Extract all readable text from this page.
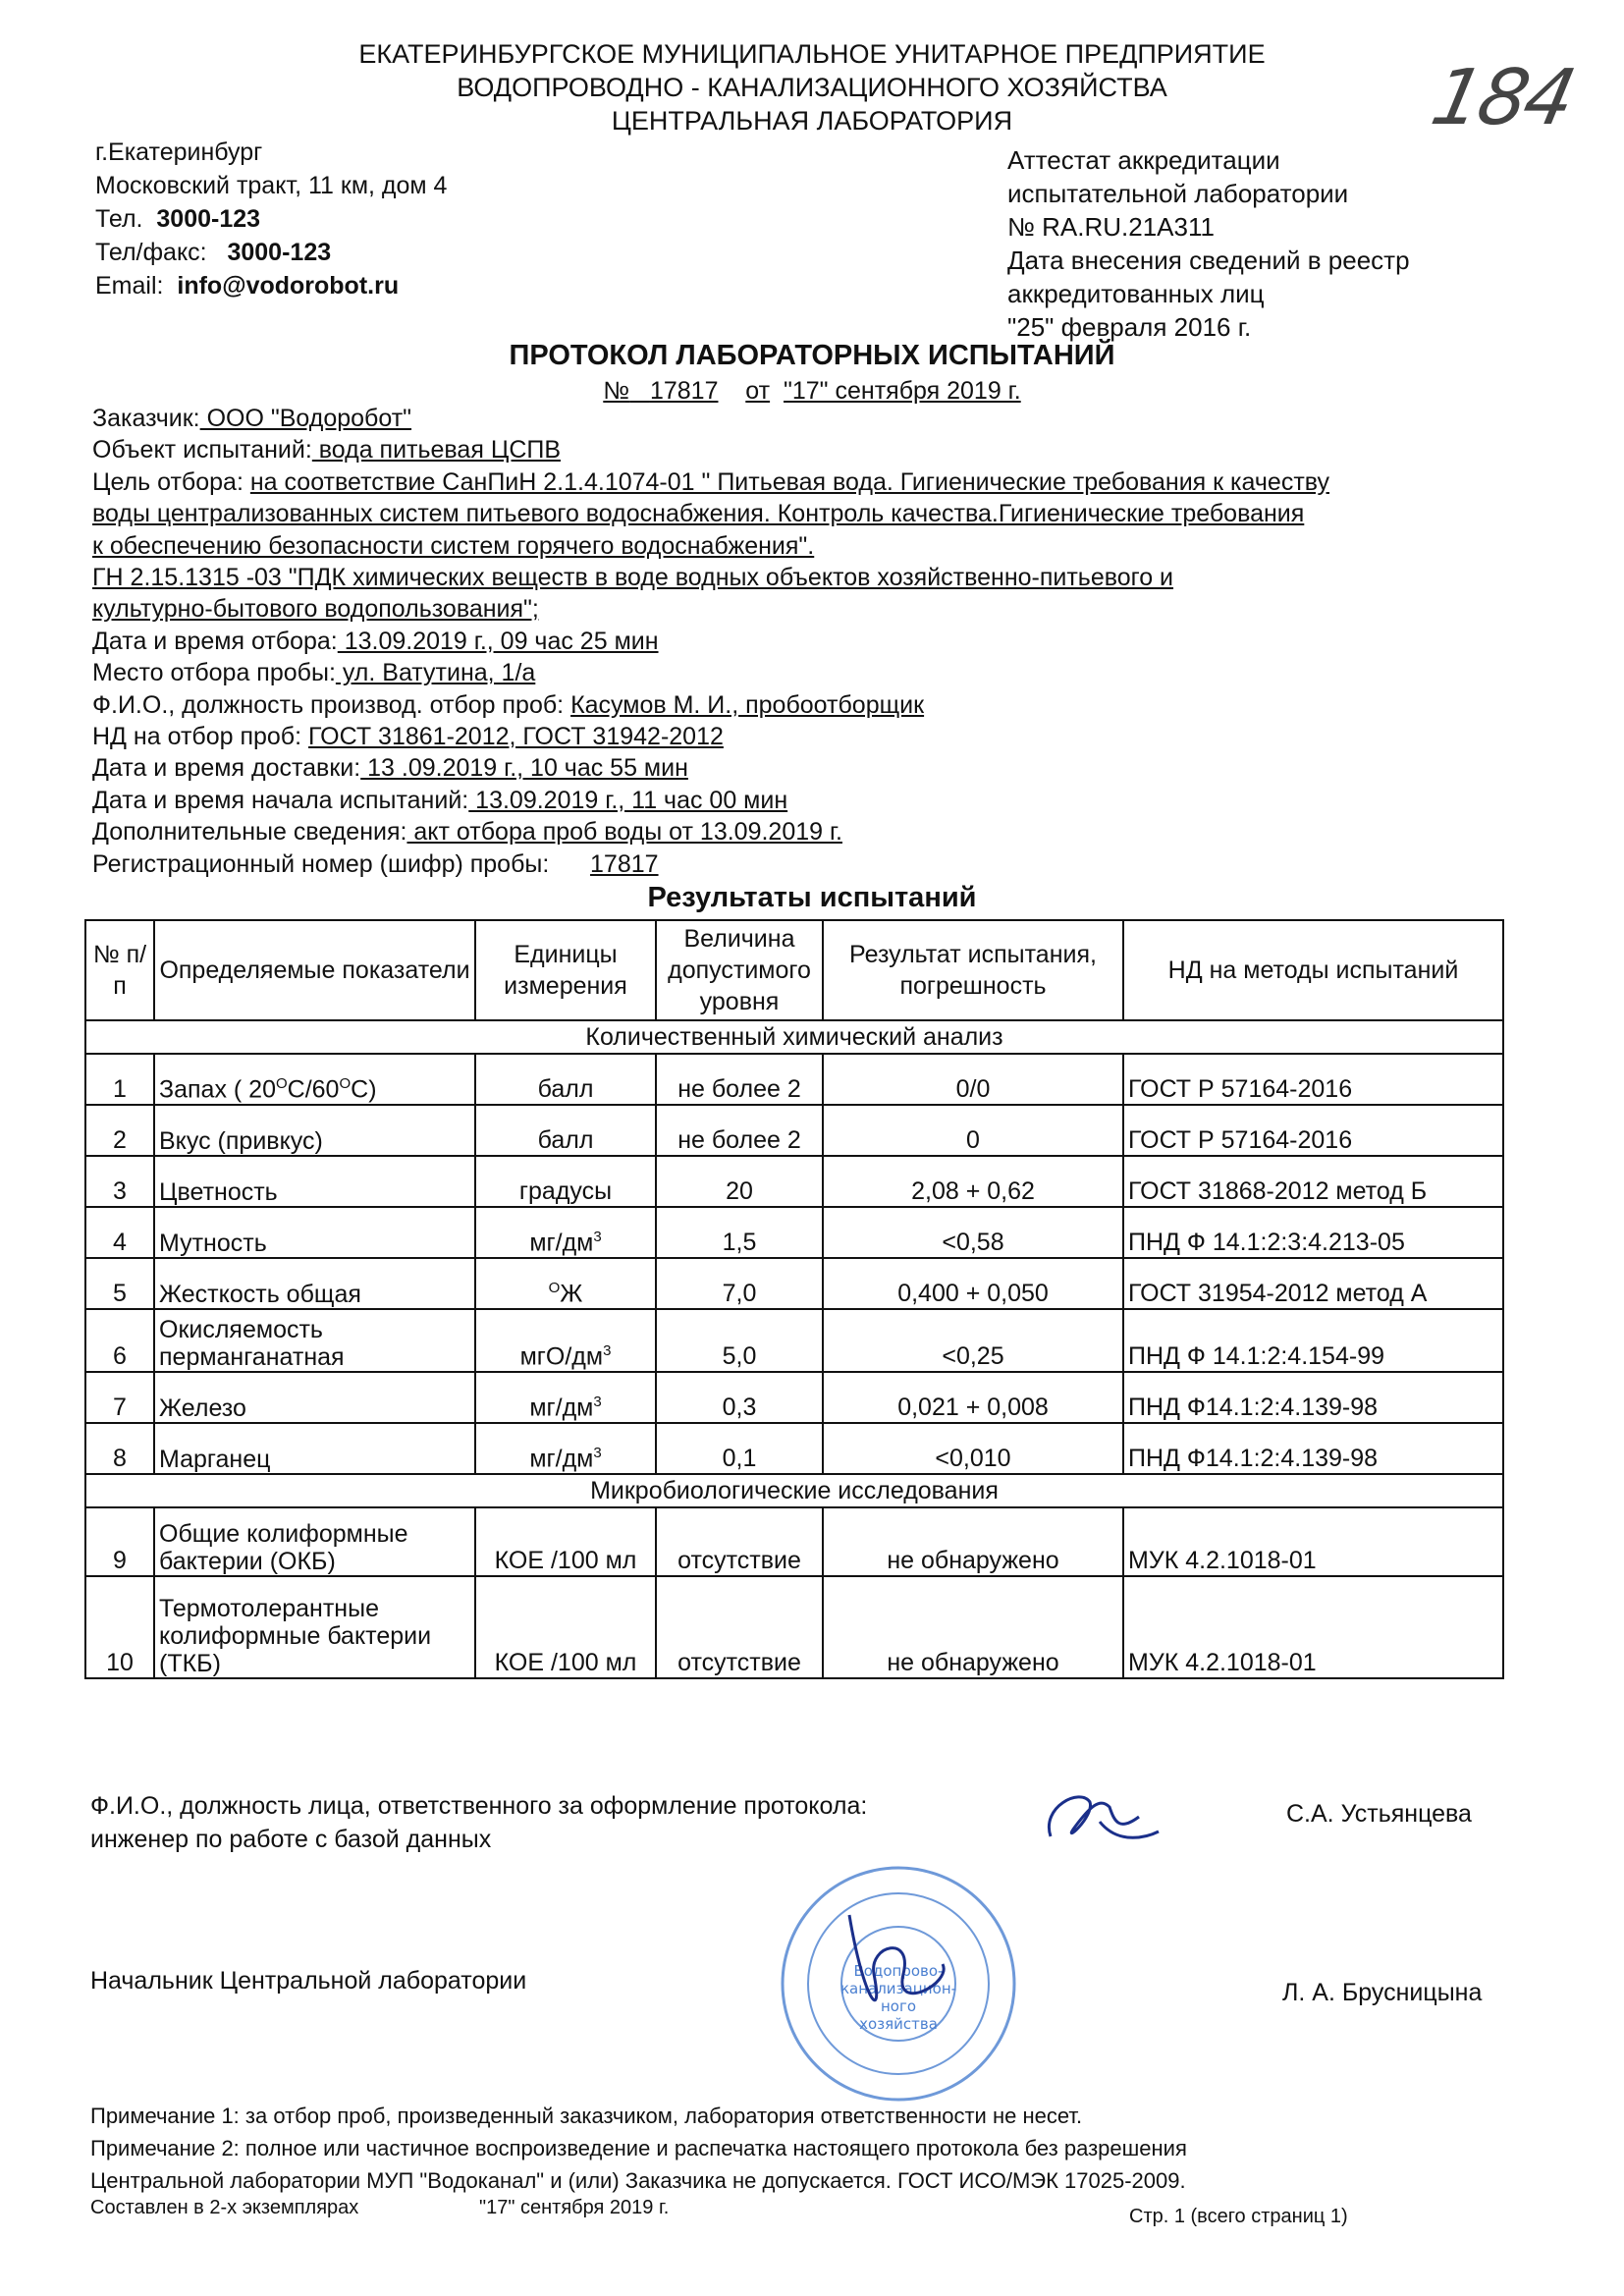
ЕКАТЕРИНБУРГСКОЕ МУНИЦИПАЛЬНОЕ УНИТАРНОЕ ПРЕДПРИЯТИЕ
ВОДОПРОВОДНО - КАНАЛИЗАЦИОННОГО ХОЗЯЙСТВА
ЦЕНТРАЛЬНАЯ ЛАБОРАТОРИЯ	184
г.Екатеринбург
Московский тракт, 11 км, дом 4
Тел. 3000-123
Тел/факс: 3000-123
Email: info@vodorobot.ru
Аттестат аккредитации
испытательной лаборатории
№ RA.RU.21A311
Дата внесения сведений в реестр
аккредитованных лиц
"25" февраля 2016 г.
ПРОТОКОЛ ЛАБОРАТОРНЫХ ИСПЫТАНИЙ
№ 17817 от "17" сентября 2019 г.
Заказчик: ООО "Водоробот"
Объект испытаний: вода питьевая ЦСПВ
Цель отбора: на соответствие СанПиН 2.1.4.1074-01 " Питьевая вода. Гигиенические требования к качеству
воды централизованных систем питьевого водоснабжения. Контроль качества.Гигиенические требования
к обеспечению безопасности систем горячего водоснабжения".
ГН 2.15.1315 -03 "ПДК химических веществ в воде водных объектов хозяйственно-питьевого и
культурно-бытового водопользования";
Дата и время отбора: 13.09.2019 г., 09 час 25 мин
Место отбора пробы: ул. Ватутина, 1/а
Ф.И.О., должность производ. отбор проб: Касумов М. И., пробоотборщик
НД на отбор проб: ГОСТ 31861-2012, ГОСТ 31942-2012
Дата и время доставки: 13 .09.2019 г., 10 час 55 мин
Дата и время начала испытаний: 13.09.2019 г., 11 час 00 мин
Дополнительные сведения: акт отбора проб воды от 13.09.2019 г.
Регистрационный номер (шифр) пробы: 17817
Результаты испытаний
№ п/п	Определяемые показатели	Единицы измерения	Величина допустимого уровня	Результат испытания, погрешность	НД на методы испытаний
Количественный химический анализ					
1	Запах ( $20^OС/60^OС$)	балл	не более 2	0/0	ГОСТ Р 57164-2016
2	Вкус (привкус)	балл	не более 2	0	ГОСТ Р 57164-2016
3	Цветность	градусы	20	2,08 + 0,62	ГОСТ 31868-2012 метод Б
4	Мутность	$мг/дм^3$	1,5	<0,58	ПНД Ф 14.1:2:3:4.213-05
5	Жесткость общая	$^O$Ж	7,0	0,400 + 0,050	ГОСТ 31954-2012 метод А
6	Окисляемость перманганатная	мгО/$дм^3$	5,0	<0,25	ПНД Ф 14.1:2:4.154-99
7	Железо	$мг/дм^3$	0,3	0,021 + 0,008	ПНД Ф14.1:2:4.139-98
8	Марганец	$мг/дм^3$	0,1	<0,010	ПНД Ф14.1:2:4.139-98
Микробиологические исследования					
9	Общие колиформные бактерии (ОКБ)	КОЕ /100 мл	отсутствие	не обнаружено	МУК 4.2.1018-01
10	Термотолерантные колиформные бактерии (ТКБ)	КОЕ /100 мл	отсутствие	не обнаружено	МУК 4.2.1018-01
Ф.И.О., должность лица, ответственного за оформление протокола:
инженер по работе с базой данных
С.А. Устьянцева
Начальник Центральной лаборатории	Л. А. Брусницына
Водопрово-
канализацион-
ного
хозяйства
Примечание 1: за отбор проб, произведенный заказчиком, лаборатория ответственности не несет.
Примечание 2: полное или частичное воспроизведение и распечатка настоящего протокола без разрешения
Центральной лаборатории МУП "Водоканал" и (или) Заказчика не допускается. ГОСТ ИСО/МЭК 17025-2009.
Составлен в 2-х экземплярах	"17" сентября 2019 г.	Стр. 1 (всего страниц 1)
